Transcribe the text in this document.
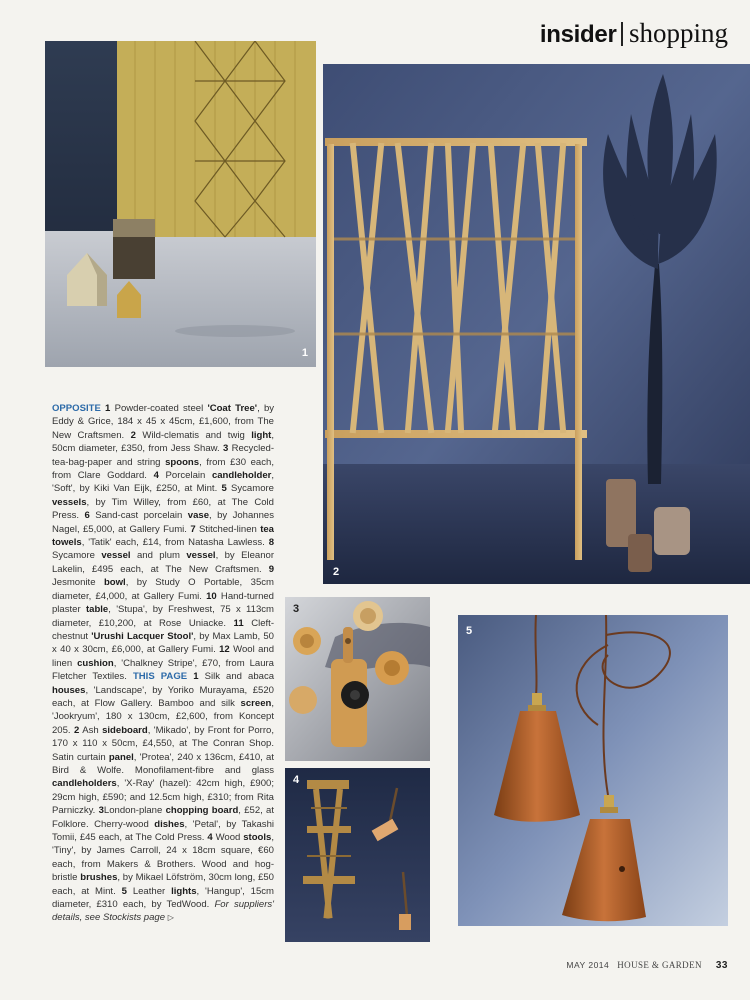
insider shopping
1
2

OPPOSITE 1 Powder-coated steel 'Coat Tree', by Eddy & Grice, 184 x 45 x 45cm, £1,600, from The New Craftsmen. 2 Wild-clematis and twig light, 50cm diameter, £350, from Jess Shaw. 3 Recycled-tea-bag-paper and string spoons, from £30 each, from Clare Goddard. 4 Porcelain candleholder, 'Soft', by Kiki Van Eijk, £250, at Mint. 5 Sycamore vessels, by Tim Willey, from £60, at The Cold Press. 6 Sand-cast porcelain vase, by Johannes Nagel, £5,000, at Gallery Fumi. 7 Stitched-linen tea towels, 'Tatik' each, £14, from Natasha Lawless. 8 Sycamore vessel and plum vessel, by Eleanor Lakelin, £495 each, at The New Craftsmen. 9 Jesmonite bowl, by Study O Portable, 35cm diameter, £4,000, at Gallery Fumi. 10 Hand-turned plaster table, 'Stupa', by Freshwest, 75 x 113cm diameter, £10,200, at Rose Uniacke. 11 Cleft-chestnut 'Urushi Lacquer Stool', by Max Lamb, 50 x 40 x 30cm, £6,000, at Gallery Fumi. 12 Wool and linen cushion, 'Chalkney Stripe', £70, from Laura Fletcher Textiles. THIS PAGE 1 Silk and abaca houses, 'Landscape', by Yoriko Murayama, £520 each, at Flow Gallery. Bamboo and silk screen, 'Jookryum', 180 x 130cm, £2,600, from Koncept 205. 2 Ash sideboard, 'Mikado', by Front for Porro, 170 x 110 x 50cm, £4,550, at The Conran Shop. Satin curtain panel, 'Protea', 240 x 136cm, £410, at Bird & Wolfe. Monofilament-fibre and glass candleholders, 'X-Ray' (hazel): 42cm high, £900; 29cm high, £590; and 12.5cm high, £310; from Rita Parniczky. 3London-plane chopping board, £52, at Folklore. Cherry-wood dishes, 'Petal', by Takashi Tomii, £45 each, at The Cold Press. 4 Wood stools, 'Tiny', by James Carroll, 24 x 18cm square, €60 each, from Makers & Brothers. Wood and hog-bristle brushes, by Mikael Löfström, 30cm long, £50 each, at Mint. 5 Leather lights, 'Hangup', 15cm diameter, £310 each, by TedWood. For suppliers' details, see Stockists page ▷

3
4
5
MAY 2014 HOUSE & GARDEN 33
